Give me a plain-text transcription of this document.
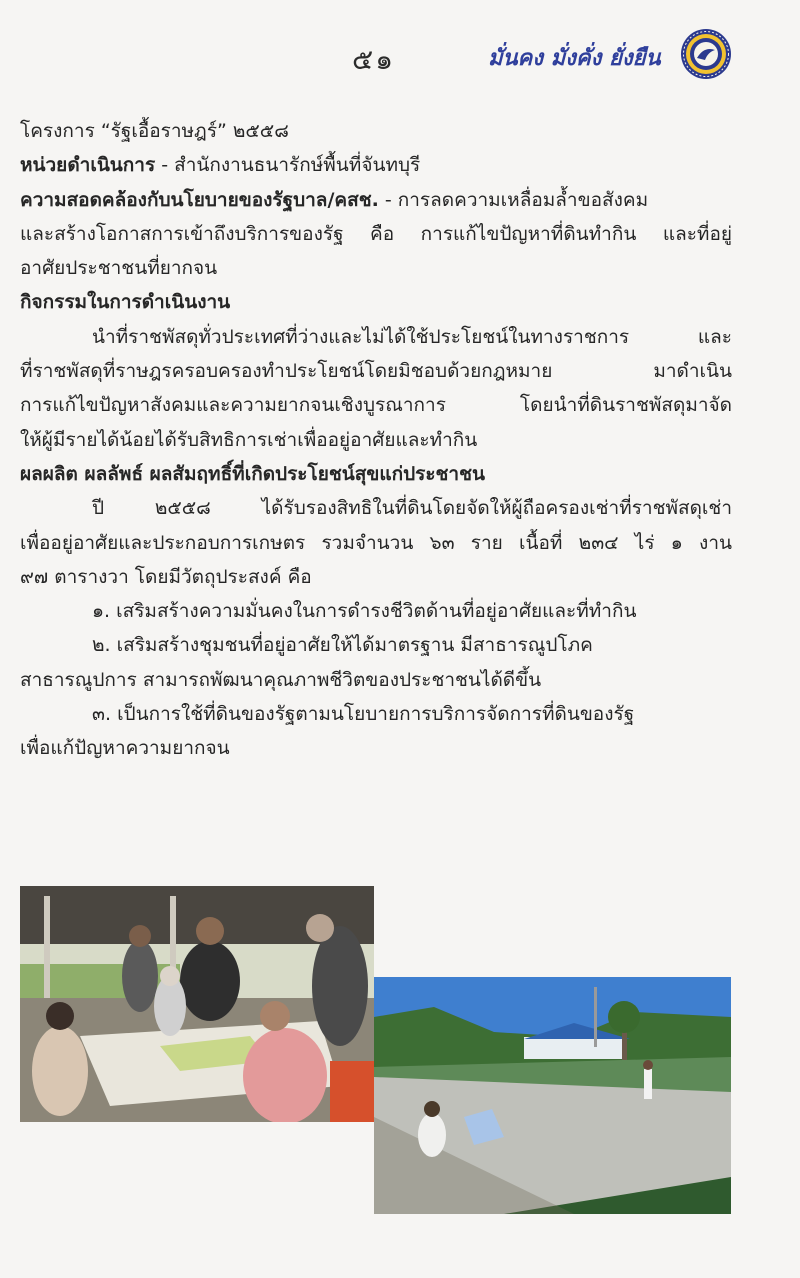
๕๑	มั่นคง มั่งคั่ง ยั่งยืน
โครงการ “รัฐเอื้อราษฎร์” ๒๕๕๘
หน่วยดำเนินการ - สำนักงานธนารักษ์พื้นที่จันทบุรี
ความสอดคล้องกับนโยบายของรัฐบาล/คสช. - การลดความเหลื่อมล้ำขอสังคม
และสร้างโอกาสการเข้าถึงบริการของรัฐ คือ การแก้ไขปัญหาที่ดินทำกิน และที่อยู่
อาศัยประชาชนที่ยากจน
กิจกรรมในการดำเนินงาน
นำที่ราชพัสดุทั่วประเทศที่ว่างและไม่ได้ใช้ประโยชน์ในทางราชการ และ
ที่ราชพัสดุที่ราษฎรครอบครองทำประโยชน์โดยมิชอบด้วยกฎหมาย มาดำเนิน
การแก้ไขปัญหาสังคมและความยากจนเชิงบูรณาการ โดยนำที่ดินราชพัสดุมาจัด
ให้ผู้มีรายได้น้อยได้รับสิทธิการเช่าเพื่ออยู่อาศัยและทำกิน
ผลผลิต ผลลัพธ์ ผลสัมฤทธิ์ที่เกิดประโยชน์สุขแก่ประชาชน
ปี ๒๕๕๘ ได้รับรองสิทธิในที่ดินโดยจัดให้ผู้ถือครองเช่าที่ราชพัสดุเช่า
เพื่ออยู่อาศัยและประกอบการเกษตร รวมจำนวน ๖๓ ราย เนื้อที่ ๒๓๔ ไร่ ๑ งาน
๙๗ ตารางวา โดยมีวัตถุประสงค์ คือ
๑. เสริมสร้างความมั่นคงในการดำรงชีวิตด้านที่อยู่อาศัยและที่ทำกิน
๒. เสริมสร้างชุมชนที่อยู่อาศัยให้ได้มาตรฐาน มีสาธารณูปโภค
สาธารณูปการ สามารถพัฒนาคุณภาพชีวิตของประชาชนได้ดีขึ้น
๓. เป็นการใช้ที่ดินของรัฐตามนโยบายการบริการจัดการที่ดินของรัฐ
เพื่อแก้ปัญหาความยากจน
